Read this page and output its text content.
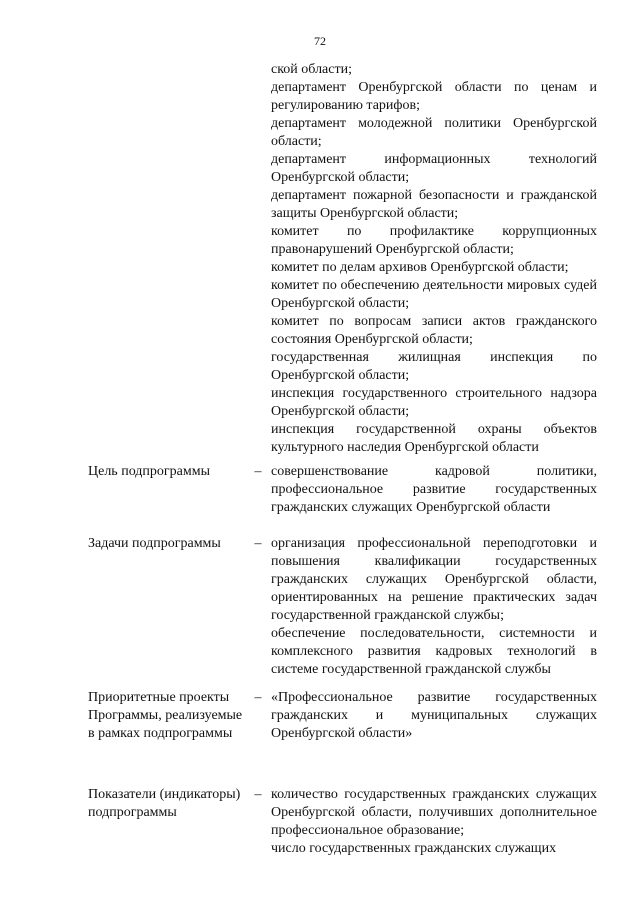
72

ской области;

департамент Оренбургской области по ценам и регулированию тарифов;

департамент молодежной политики Оренбургской области;

департамент информационных технологий Оренбургской области;

департамент пожарной безопасности и гражданской защиты Оренбургской области;

комитет по профилактике коррупционных правонарушений Оренбургской области;

комитет по делам архивов Оренбургской области;

комитет по обеспечению деятельности мировых судей Оренбургской области;

комитет по вопросам записи актов гражданского состояния Оренбургской области;

государственная жилищная инспекция по Оренбургской области;

инспекция государственного строительного надзора Оренбургской области;

инспекция государственной охраны объектов культурного наследия Оренбургской области

Цель подпрограммы	– совершенствование кадровой политики, профессиональное развитие государственных гражданских служащих Оренбургской области

Задачи подпрограммы	– организация профессиональной переподготовки и повышения квалификации государственных гражданских служащих Оренбургской области, ориентированных на решение практических задач государственной гражданской службы;

обеспечение последовательности, системности и комплексного развития кадровых технологий в системе государственной гражданской службы

Приоритетные проекты Программы, реализуемые в рамках подпрограммы
– «Профессиональное развитие государственных гражданских и муниципальных служащих Оренбургской области»

Показатели (индикаторы) подпрограммы
– количество государственных гражданских служащих Оренбургской области, получивших дополнительное профессиональное образование;

число государственных гражданских служащих
